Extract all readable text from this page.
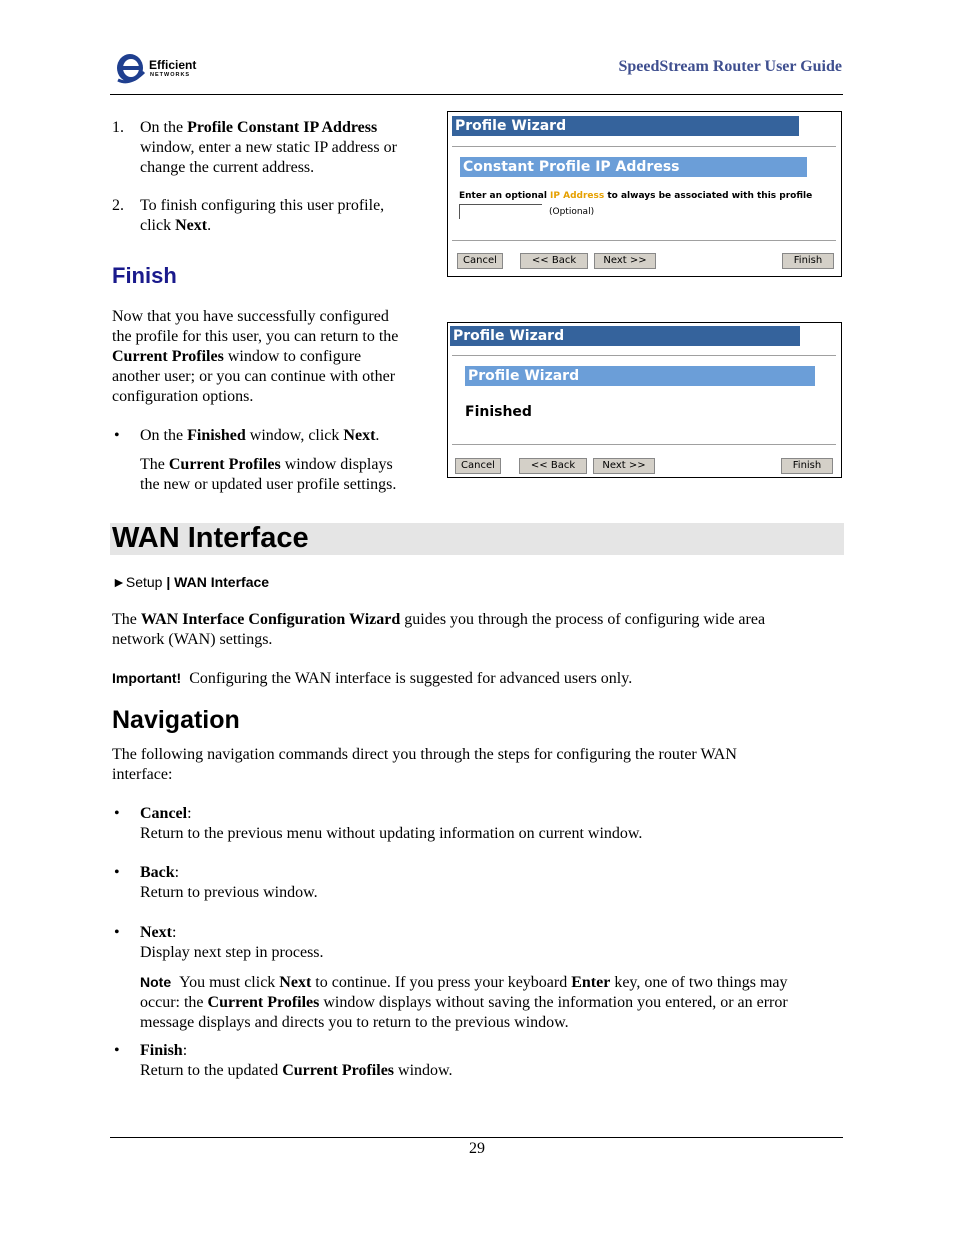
Efficient
NETWORKS	SpeedStream Router User Guide
1. On the Profile Constant IP Address
window, enter a new static IP address or
change the current address.
2. To finish configuring this user profile,
click Next.
Finish
Now that you have successfully configured
the profile for this user, you can return to the
Current Profiles window to configure
another user; or you can continue with other
configuration options.
• On the Finished window, click Next.
The Current Profiles window displays
the new or updated user profile settings.
Profile Wizard
Constant Profile IP Address
Enter an optional IP Address to always be associated with this profile
(Optional)
Cancel	<< Back	Next >>	Finish
Profile Wizard
Profile Wizard
Finished
Cancel	<< Back	Next >>	Finish
WAN Interface
►Setup | WAN Interface
The WAN Interface Configuration Wizard guides you through the process of configuring wide area
network (WAN) settings.
Important! Configuring the WAN interface is suggested for advanced users only.
Navigation
The following navigation commands direct you through the steps for configuring the router WAN
interface:
• Cancel:
Return to the previous menu without updating information on current window.
• Back:
Return to previous window.
• Next:
Display next step in process.
Note You must click Next to continue. If you press your keyboard Enter key, one of two things may
occur: the Current Profiles window displays without saving the information you entered, or an error
message displays and directs you to return to the previous window.
• Finish:
Return to the updated Current Profiles window.
29
